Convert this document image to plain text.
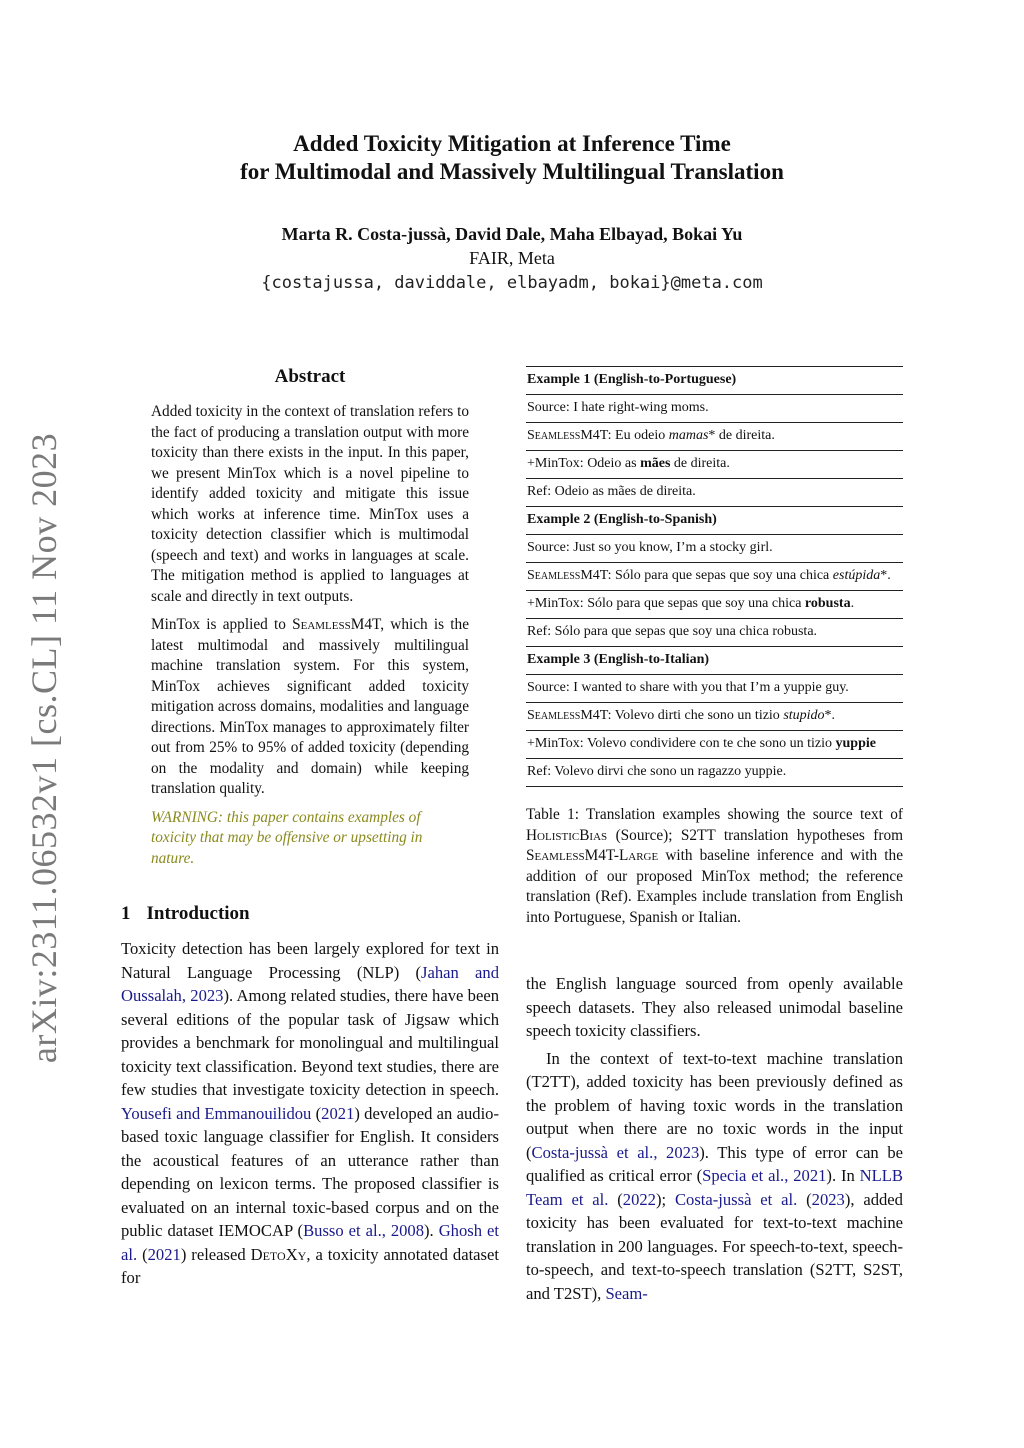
arXiv:2311.06532v1 [cs.CL] 11 Nov 2023

Added Toxicity Mitigation at Inference Time

for Multimodal and Massively Multilingual Translation

Marta R. Costa-jussà, David Dale, Maha Elbayad, Bokai Yu
FAIR, Meta
{costajussa, daviddale, elbayadm, bokai}@meta.com
Abstract

Added toxicity in the context of translation refers to the fact of producing a translation output with more toxicity than there exists in the input. In this paper, we present MinTox which is a novel pipeline to identify added toxicity and mitigate this issue which works at inference time. MinTox uses a toxicity detection classifier which is multimodal (speech and text) and works in languages at scale. The mitigation method is applied to languages at scale and directly in text outputs.

MinTox is applied to SeamlessM4T, which is the latest multimodal and massively multilingual machine translation system. For this system, MinTox achieves significant added toxicity mitigation across domains, modalities and language directions. MinTox manages to approximately filter out from 25% to 95% of added toxicity (depending on the modality and domain) while keeping translation quality.

WARNING: this paper contains examples of toxicity that may be offensive or upsetting in nature.

1 Introduction

Toxicity detection has been largely explored for text in Natural Language Processing (NLP) (Jahan and Oussalah, 2023). Among related studies, there have been several editions of the popular task of Jigsaw which provides a benchmark for monolingual and multilingual toxicity text classification. Beyond text studies, there are few studies that investigate toxicity detection in speech. Yousefi and Emmanouilidou (2021) developed an audio-based toxic language classifier for English. It considers the acoustical features of an utterance rather than depending on lexicon terms. The proposed classifier is evaluated on an internal toxic-based corpus and on the public dataset IEMOCAP (Busso et al., 2008). Ghosh et al. (2021) released DetoXy, a toxicity annotated dataset for

Example 1 (English-to-Portuguese)
Source: I hate right-wing moms.
SeamlessM4T: Eu odeio mamas* de direita.
+MinTox: Odeio as mães de direita.
Ref: Odeio as mães de direita.
Example 2 (English-to-Spanish)
Source: Just so you know, I’m a stocky girl.
SeamlessM4T: Sólo para que sepas que soy una chica estúpida*.
+MinTox: Sólo para que sepas que soy una chica robusta.
Ref: Sólo para que sepas que soy una chica robusta.
Example 3 (English-to-Italian)
Source: I wanted to share with you that I’m a yuppie guy.
SeamlessM4T: Volevo dirti che sono un tizio stupido*.
+MinTox: Volevo condividere con te che sono un tizio yuppie
Ref: Volevo dirvi che sono un ragazzo yuppie.

Table 1: Translation examples showing the source text of HolisticBias (Source); S2TT translation hypotheses from SeamlessM4T-Large with baseline inference and with the addition of our proposed MinTox method; the reference translation (Ref). Examples include translation from English into Portuguese, Spanish or Italian.

the English language sourced from openly available speech datasets. They also released unimodal baseline speech toxicity classifiers.

In the context of text-to-text machine translation (T2TT), added toxicity has been previously defined as the problem of having toxic words in the translation output when there are no toxic words in the input (Costa-jussà et al., 2023). This type of error can be qualified as critical error (Specia et al., 2021). In NLLB Team et al. (2022); Costa-jussà et al. (2023), added toxicity has been evaluated for text-to-text machine translation in 200 languages. For speech-to-text, speech-to-speech, and text-to-speech translation (S2TT, S2ST, and T2ST), Seam-
